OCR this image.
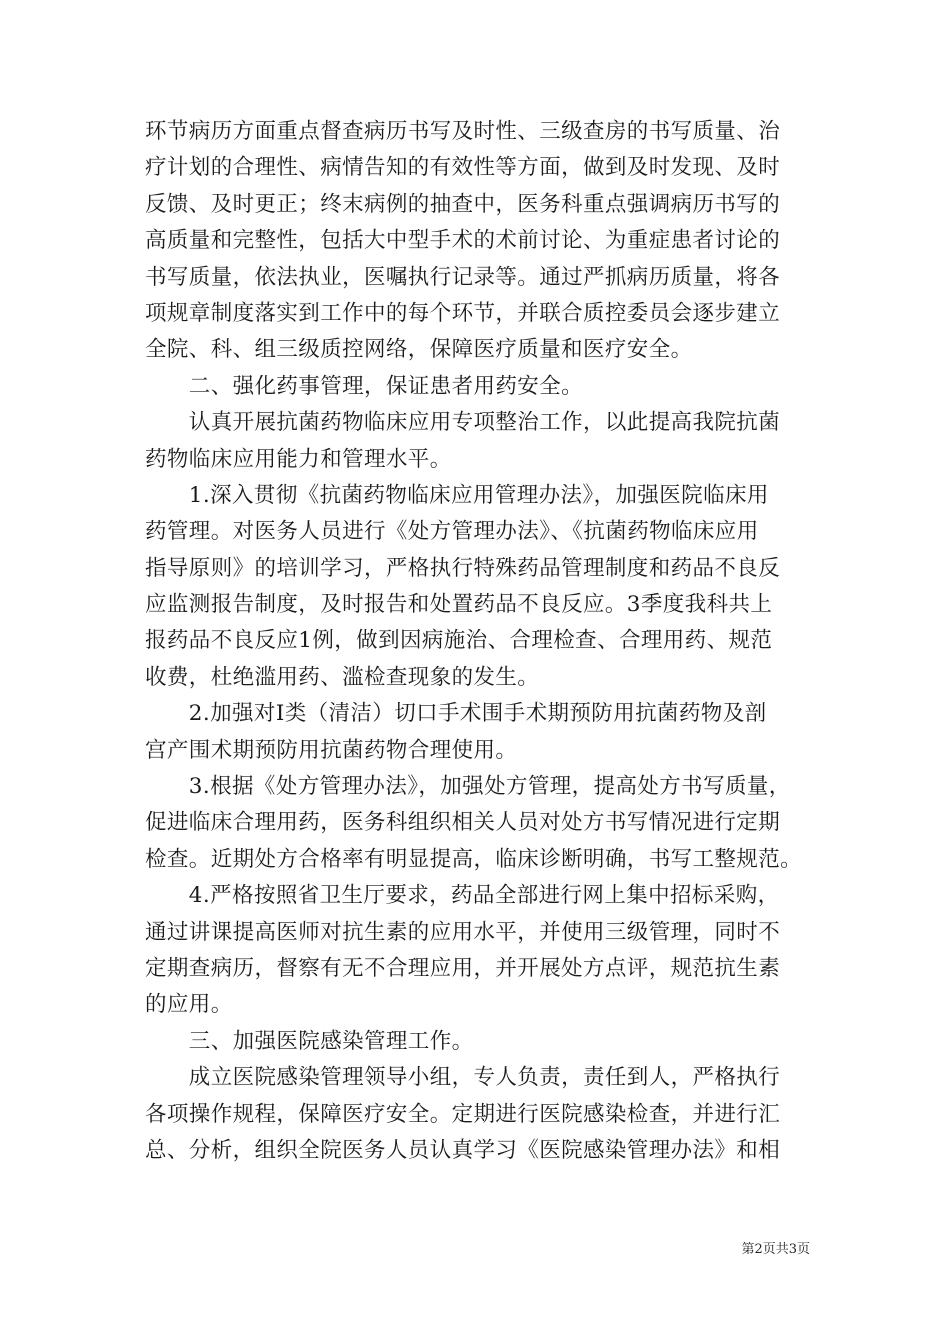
环节病历方面重点督查病历书写及时性、三级查房的书写质量、治
疗计划的合理性、病情告知的有效性等方面，做到及时发现、及时
反馈、及时更正；终末病例的抽查中，医务科重点强调病历书写的
高质量和完整性，包括大中型手术的术前讨论、为重症患者讨论的
书写质量，依法执业，医嘱执行记录等。通过严抓病历质量，将各
项规章制度落实到工作中的每个环节，并联合质控委员会逐步建立
全院、科、组三级质控网络，保障医疗质量和医疗安全。
　　二、强化药事管理，保证患者用药安全。
　　认真开展抗菌药物临床应用专项整治工作，以此提高我院抗菌
药物临床应用能力和管理水平。
　　1.深入贯彻《抗菌药物临床应用管理办法》，加强医院临床用
药管理。对医务人员进行《处方管理办法》、《抗菌药物临床应用
指导原则》的培训学习，严格执行特殊药品管理制度和药品不良反
应监测报告制度，及时报告和处置药品不良反应。3季度我科共上
报药品不良反应1例，做到因病施治、合理检查、合理用药、规范
收费，杜绝滥用药、滥检查现象的发生。
　　2.加强对Ⅰ类（清洁）切口手术围手术期预防用抗菌药物及剖
宫产围术期预防用抗菌药物合理使用。
　　3.根据《处方管理办法》，加强处方管理，提高处方书写质量，
促进临床合理用药，医务科组织相关人员对处方书写情况进行定期
检查。近期处方合格率有明显提高，临床诊断明确，书写工整规范。
　　4.严格按照省卫生厅要求，药品全部进行网上集中招标采购，
通过讲课提高医师对抗生素的应用水平，并使用三级管理，同时不
定期查病历，督察有无不合理应用，并开展处方点评，规范抗生素
的应用。
　　三、加强医院感染管理工作。
　　成立医院感染管理领导小组，专人负责，责任到人，严格执行
各项操作规程，保障医疗安全。定期进行医院感染检查，并进行汇
总、分析，组织全院医务人员认真学习《医院感染管理办法》和相
第2页共3页
